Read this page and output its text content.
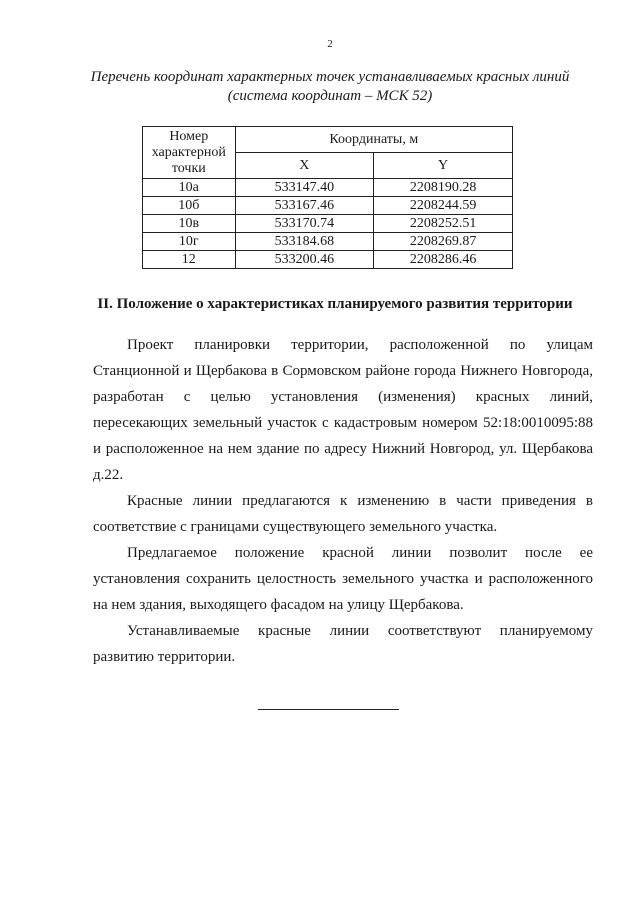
2
Перечень координат характерных точек устанавливаемых красных линий
(система координат – МСК 52)
Номер характерной точки	Координаты, м	
	X	Y
10а	533147.40	2208190.28
10б	533167.46	2208244.59
10в	533170.74	2208252.51
10г	533184.68	2208269.87
12	533200.46	2208286.46
II. Положение о характеристиках планируемого развития территории

Проект планировки территории, расположенной по улицам Станционной и Щербакова в Сормовском районе города Нижнего Новгорода, разработан с целью установления (изменения) красных линий, пересекающих земельный участок с кадастровым номером 52:18:0010095:88 и расположенное на нем здание по адресу Нижний Новгород, ул. Щербакова д.22.

Красные линии предлагаются к изменению в части приведения в соответствие с границами существующего земельного участка.

Предлагаемое положение красной линии позволит после ее установления сохранить целостность земельного участка и расположенного на нем здания, выходящего фасадом на улицу Щербакова.

Устанавливаемые красные линии соответствуют планируемому развитию территории.
